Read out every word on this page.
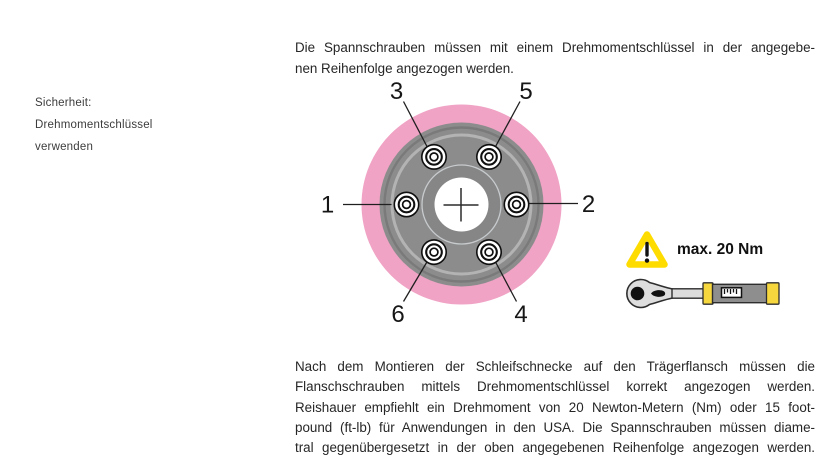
Sicherheit:
Drehmomentschlüssel
verwenden
Die Spannschrauben müssen mit einem Drehmomentschlüssel in der angegebe-
nen Reihenfolge angezogen werden.
1	2
3	5
6	4
max. 20 Nm
Nach dem Montieren der Schleifschnecke auf den Trägerflansch müssen die
Flanschschrauben mittels Drehmomentschlüssel korrekt angezogen werden.
Reishauer empfiehlt ein Drehmoment von 20 Newton-Metern (Nm) oder 15 foot-
pound (ft-lb) für Anwendungen in den USA. Die Spannschrauben müssen diame-
tral gegenübergesetzt in der oben angegebenen Reihenfolge angezogen werden.
